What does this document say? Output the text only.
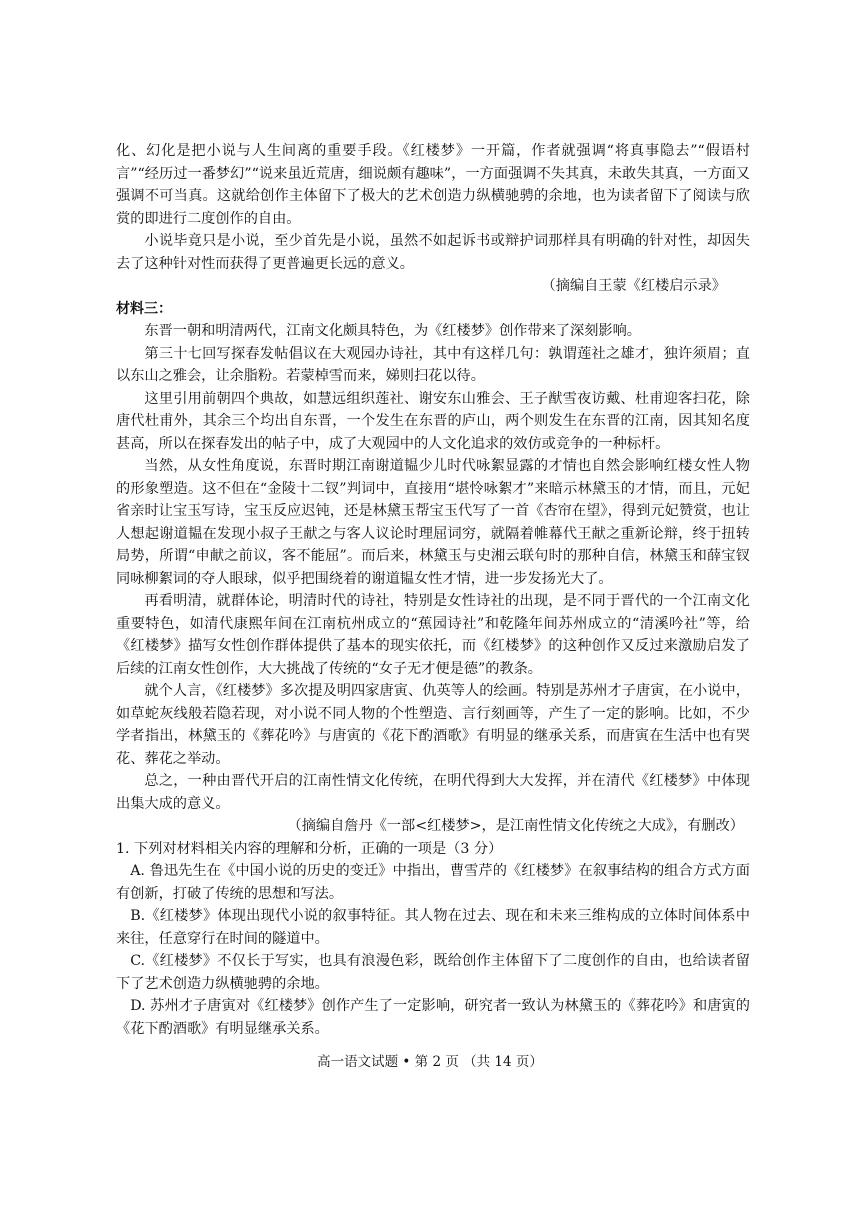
化、幻化是把小说与人生间离的重要手段。《红楼梦》一开篇，作者就强调“将真事隐去”“假语村言”“经历过一番梦幻”“说来虽近荒唐，细说颇有趣味”，一方面强调不失其真，未敢失其真，一方面又强调不可当真。这就给创作主体留下了极大的艺术创造力纵横驰骋的余地，也为读者留下了阅读与欣赏的即进行二度创作的自由。

小说毕竟只是小说，至少首先是小说，虽然不如起诉书或辩护词那样具有明确的针对性，却因失去了这种针对性而获得了更普遍更长远的意义。

（摘编自王蒙《红楼启示录》

材料三：

东晋一朝和明清两代，江南文化颇具特色，为《红楼梦》创作带来了深刻影响。

第三十七回写探春发帖倡议在大观园办诗社，其中有这样几句：孰谓莲社之雄才，独许须眉；直以东山之雅会，让余脂粉。若蒙棹雪而来，娣则扫花以待。

这里引用前朝四个典故，如慧远组织莲社、谢安东山雅会、王子猷雪夜访戴、杜甫迎客扫花，除唐代杜甫外，其余三个均出自东晋，一个发生在东晋的庐山，两个则发生在东晋的江南，因其知名度甚高，所以在探春发出的帖子中，成了大观园中的人文化追求的效仿或竞争的一种标杆。

当然，从女性角度说，东晋时期江南谢道韫少儿时代咏絮显露的才情也自然会影响红楼女性人物的形象塑造。这不但在“金陵十二钗”判词中，直接用“堪怜咏絮才”来暗示林黛玉的才情，而且，元妃省亲时让宝玉写诗，宝玉反应迟钝，还是林黛玉帮宝玉代写了一首《杏帘在望》，得到元妃赞赏，也让人想起谢道韫在发现小叔子王献之与客人议论时理屈词穷，就隔着帷幕代王献之重新论辩，终于扭转局势，所谓“申献之前议，客不能屈”。而后来，林黛玉与史湘云联句时的那种自信，林黛玉和薛宝钗同咏柳絮词的夺人眼球，似乎把围绕着的谢道韫女性才情，进一步发扬光大了。

再看明清，就群体论，明清时代的诗社，特别是女性诗社的出现，是不同于晋代的一个江南文化重要特色，如清代康熙年间在江南杭州成立的“蕉园诗社”和乾隆年间苏州成立的“清溪吟社”等，给《红楼梦》描写女性创作群体提供了基本的现实依托，而《红楼梦》的这种创作又反过来激励启发了后续的江南女性创作，大大挑战了传统的“女子无才便是德”的教条。

就个人言，《红楼梦》多次提及明四家唐寅、仇英等人的绘画。特别是苏州才子唐寅，在小说中，如草蛇灰线般若隐若现，对小说不同人物的个性塑造、言行刻画等，产生了一定的影响。比如，不少学者指出，林黛玉的《葬花吟》与唐寅的《花下酌酒歌》有明显的继承关系，而唐寅在生活中也有哭花、葬花之举动。

总之，一种由晋代开启的江南性情文化传统，在明代得到大大发挥，并在清代《红楼梦》中体现出集大成的意义。

（摘编自詹丹《一部<红楼梦>，是江南性情文化传统之大成》，有删改）

1. 下列对材料相关内容的理解和分析，正确的一项是（3 分）

A. 鲁迅先生在《中国小说的历史的变迁》中指出，曹雪芹的《红楼梦》在叙事结构的组合方式方面有创新，打破了传统的思想和写法。

B.《红楼梦》体现出现代小说的叙事特征。其人物在过去、现在和未来三维构成的立体时间体系中来往，任意穿行在时间的隧道中。

C.《红楼梦》不仅长于写实，也具有浪漫色彩，既给创作主体留下了二度创作的自由，也给读者留下了艺术创造力纵横驰骋的余地。

D. 苏州才子唐寅对《红楼梦》创作产生了一定影响，研究者一致认为林黛玉的《葬花吟》和唐寅的《花下酌酒歌》有明显继承关系。

高一语文试题 • 第 2 页 （共 14 页）
